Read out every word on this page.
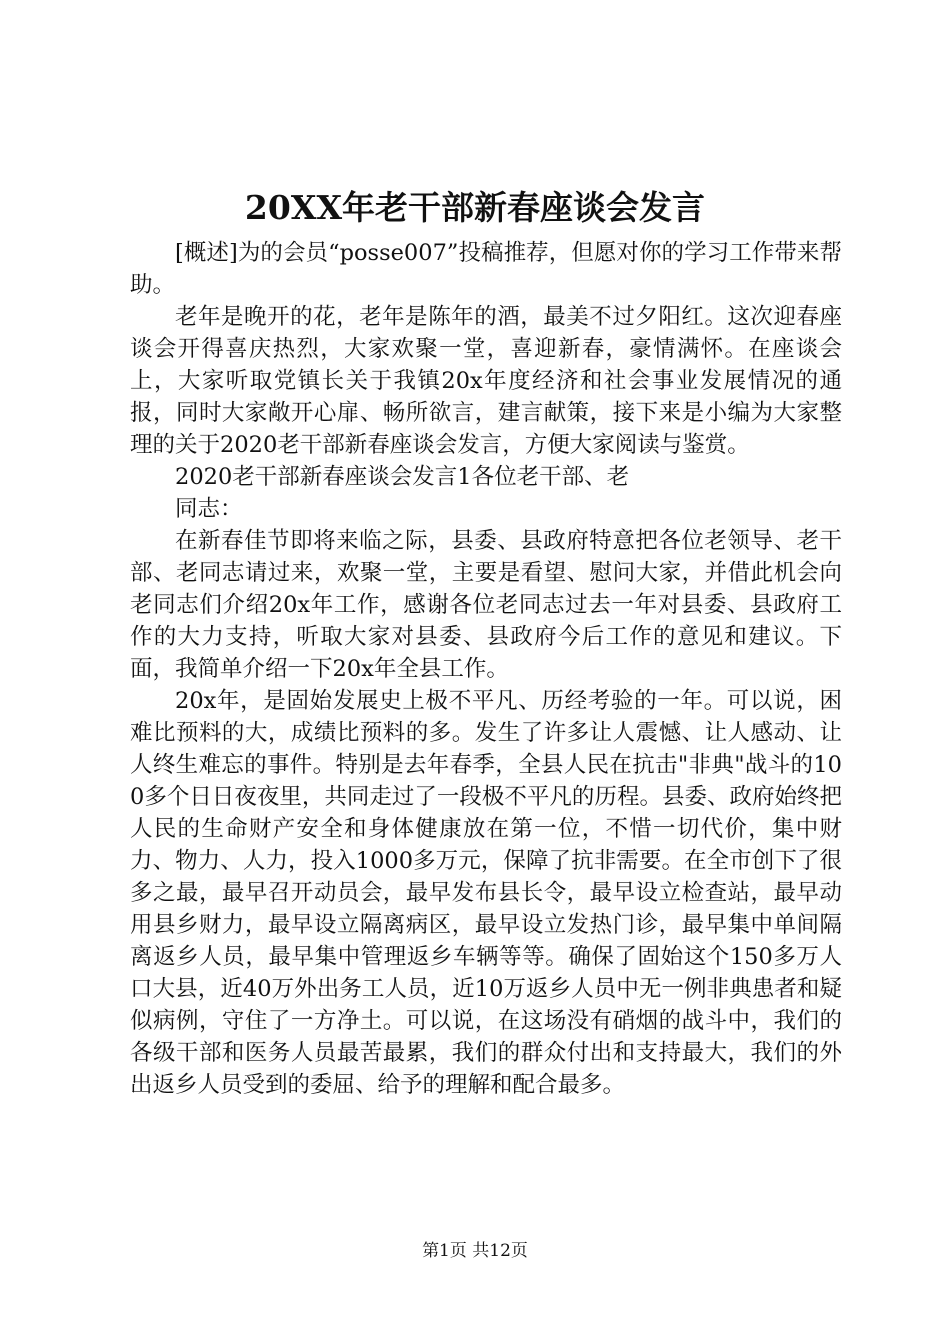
20XX年老干部新春座谈会发言

[概述]为的会员“posse007”投稿推荐，但愿对你的学习工作带来帮助。

老年是晚开的花，老年是陈年的酒，最美不过夕阳红。这次迎春座谈会开得喜庆热烈，大家欢聚一堂，喜迎新春，豪情满怀。在座谈会上，大家听取党镇长关于我镇20x年度经济和社会事业发展情况的通报，同时大家敞开心扉、畅所欲言，建言献策，接下来是小编为大家整理的关于2020老干部新春座谈会发言，方便大家阅读与鉴赏。

2020老干部新春座谈会发言1各位老干部、老

同志：

在新春佳节即将来临之际，县委、县政府特意把各位老领导、老干部、老同志请过来，欢聚一堂，主要是看望、慰问大家，并借此机会向老同志们介绍20x年工作，感谢各位老同志过去一年对县委、县政府工作的大力支持，听取大家对县委、县政府今后工作的意见和建议。下面，我简单介绍一下20x年全县工作。

20x年，是固始发展史上极不平凡、历经考验的一年。可以说，困难比预料的大，成绩比预料的多。发生了许多让人震憾、让人感动、让人终生难忘的事件。特别是去年春季，全县人民在抗击"非典"战斗的100多个日日夜夜里，共同走过了一段极不平凡的历程。县委、政府始终把人民的生命财产安全和身体健康放在第一位，不惜一切代价，集中财力、物力、人力，投入1000多万元，保障了抗非需要。在全市创下了很多之最，最早召开动员会，最早发布县长令，最早设立检查站，最早动用县乡财力，最早设立隔离病区，最早设立发热门诊，最早集中单间隔离返乡人员，最早集中管理返乡车辆等等。确保了固始这个150多万人口大县，近40万外出务工人员，近10万返乡人员中无一例非典患者和疑似病例，守住了一方净土。可以说，在这场没有硝烟的战斗中，我们的各级干部和医务人员最苦最累，我们的群众付出和支持最大，我们的外出返乡人员受到的委屈、给予的理解和配合最多。

第1页 共12页
